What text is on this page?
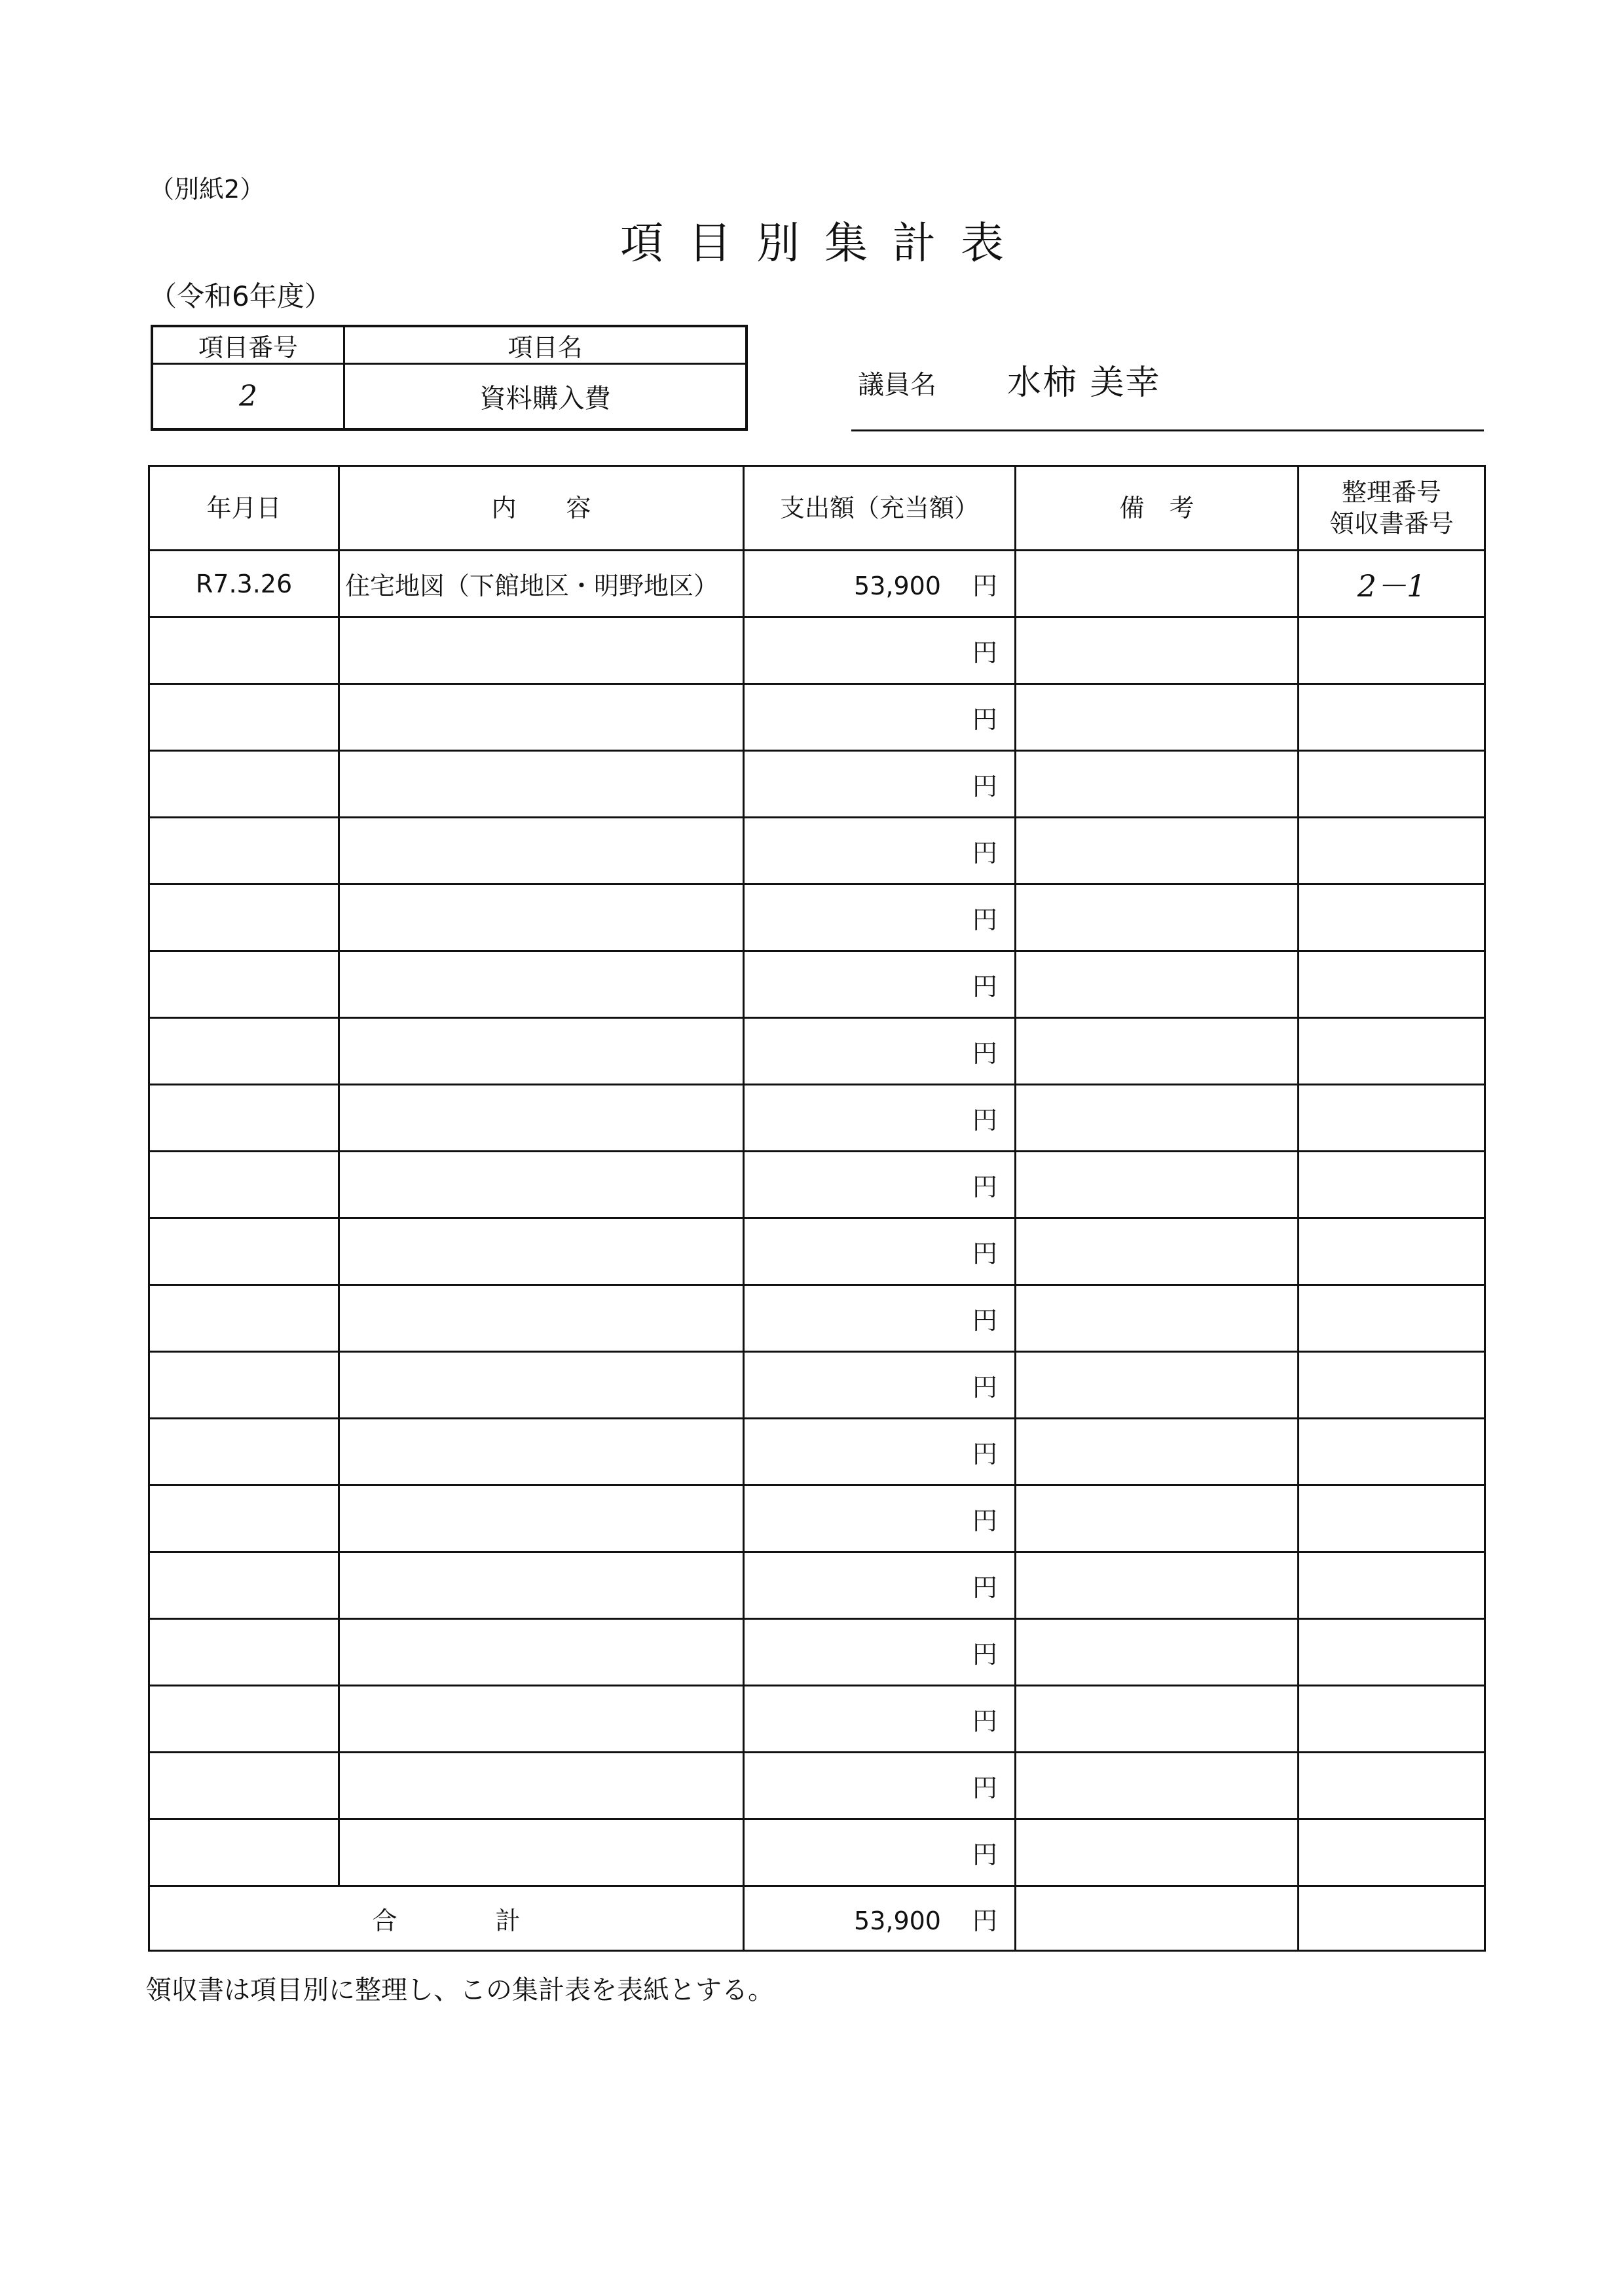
（別紙2）
項目別集計表
（令和6年度）
項目番号	項目名
2	資料購入費	議員名 水柿 美幸
年月日	内　　容	支出額（充当額）	備　考	整理番号
領収書番号

R7.3.26	住宅地図（下館地区・明野地区）	53,900 円		2－1
		円		
		円		
		円		
		円		
		円		
		円		
		円		
		円		
		円		
		円		
		円		
		円		
		円		
		円		
		円		
		円		
		円		
		円		
		円		
合計		53,900 円		
領収書は項目別に整理し、この集計表を表紙とする。
